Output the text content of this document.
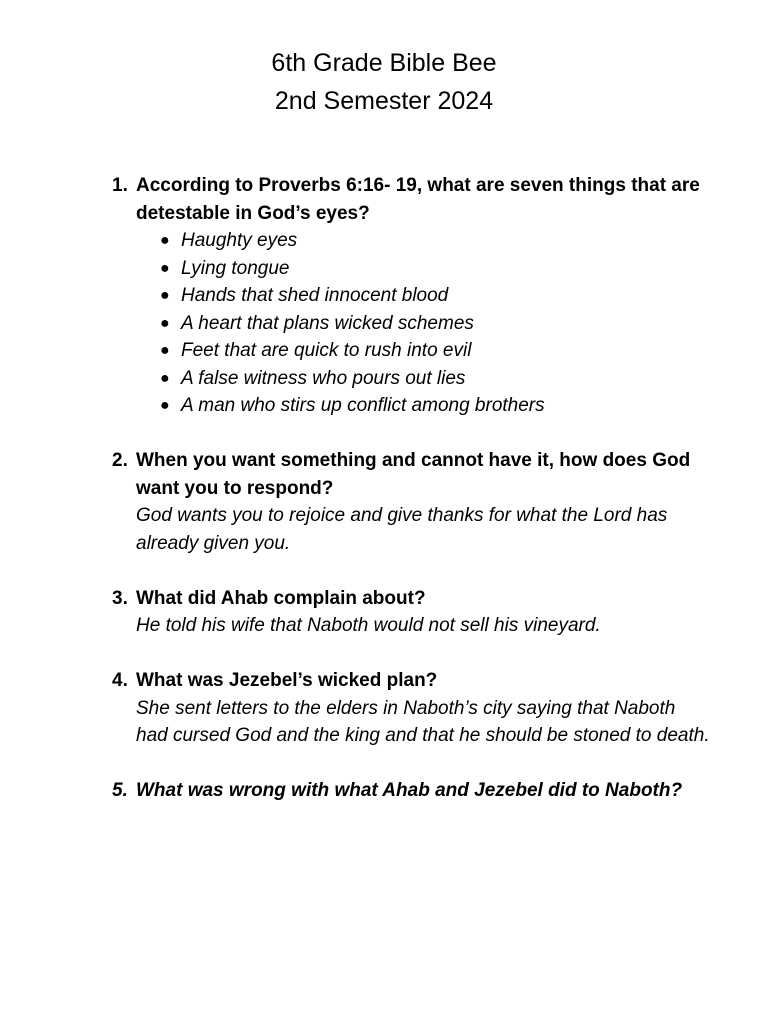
6th Grade Bible Bee
2nd Semester 2024
1. According to Proverbs 6:16- 19, what are seven things that are detestable in God’s eyes?
● Haughty eyes
● Lying tongue
● Hands that shed innocent blood
● A heart that plans wicked schemes
● Feet that are quick to rush into evil
● A false witness who pours out lies
● A man who stirs up conflict among brothers
2. When you want something and cannot have it, how does God want you to respond?
God wants you to rejoice and give thanks for what the Lord has already given you.
3. What did Ahab complain about?
He told his wife that Naboth would not sell his vineyard.
4. What was Jezebel’s wicked plan?
She sent letters to the elders in Naboth’s city saying that Naboth had cursed God and the king and that he should be stoned to death.
5. What was wrong with what Ahab and Jezebel did to Naboth?
